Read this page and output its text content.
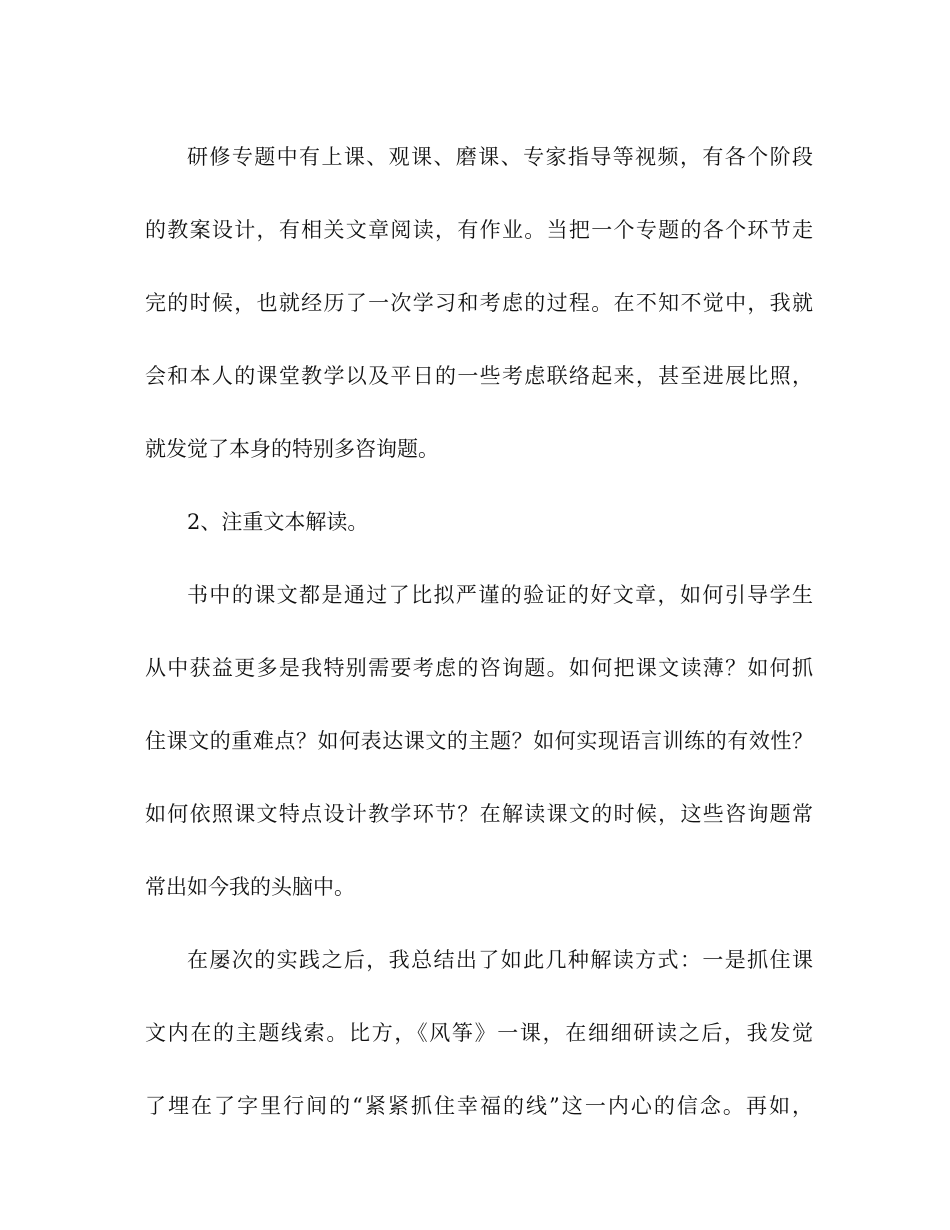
研修专题中有上课、观课、磨课、专家指导等视频，有各个阶段
的教案设计，有相关文章阅读，有作业。当把一个专题的各个环节走
完的时候，也就经历了一次学习和考虑的过程。在不知不觉中，我就
会和本人的课堂教学以及平日的一些考虑联络起来，甚至进展比照，
就发觉了本身的特别多咨询题。
2、注重文本解读。
书中的课文都是通过了比拟严谨的验证的好文章，如何引导学生
从中获益更多是我特别需要考虑的咨询题。如何把课文读薄？如何抓
住课文的重难点？如何表达课文的主题？如何实现语言训练的有效性？
如何依照课文特点设计教学环节？在解读课文的时候，这些咨询题常
常出如今我的头脑中。
在屡次的实践之后，我总结出了如此几种解读方式：一是抓住课
文内在的主题线索。比方，《风筝》一课，在细细研读之后，我发觉
了埋在了字里行间的“紧紧抓住幸福的线”这一内心的信念。再如，
